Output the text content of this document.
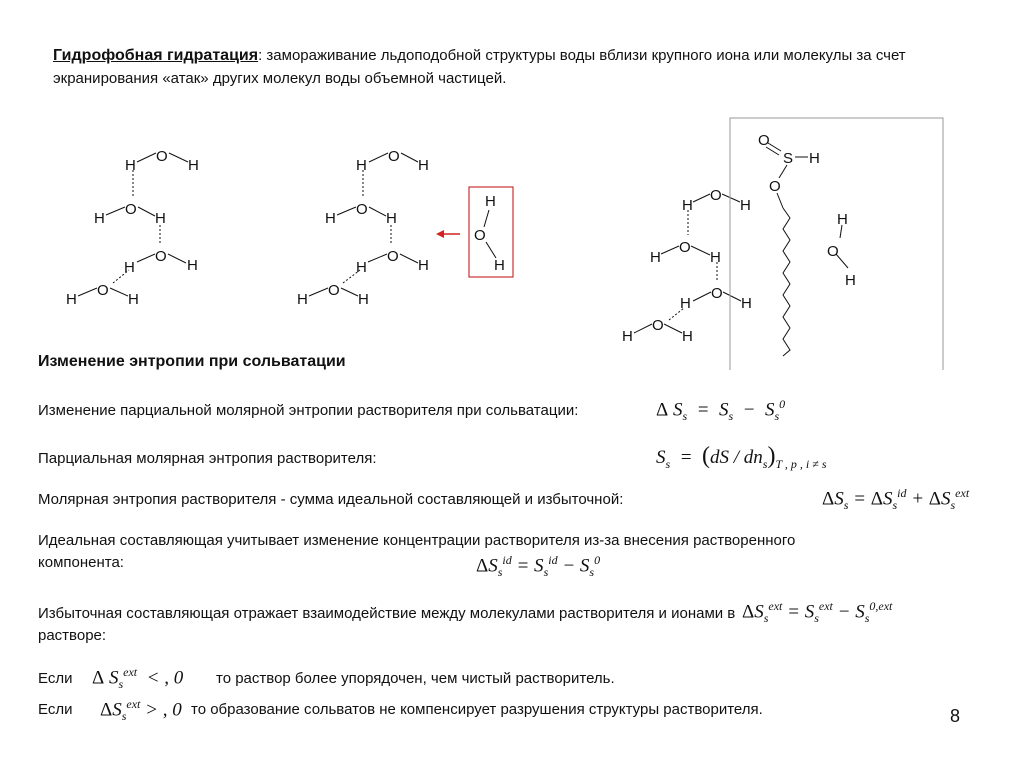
Гидрофобная гидратация: замораживание льдоподобной структуры воды вблизи крупного иона или молекулы за счет экранирования «атак» других молекул воды объемной частицей.
H
O
H
H
O
H
O
H	H
H
O
H
H
O
H
H
O
H
O
H	H
H
O
H
H
O
H
H
O
H
H
O
H
O
H	H
H
O
H
H
O
H
O
S H
O
Изменение энтропии при сольватации
Изменение парциальной молярной энтропии растворителя при сольватации:	Δ $S_s = S_s - S_s^0$
Парциальная молярная энтропия растворителя:	$S_s = (dS / dn_s)_{T , p , i \ne s}$
Молярная энтропия растворителя - сумма идеальной составляющей и избыточной:	$\Delta S_s = \Delta S_s^{id} + \Delta S_s^{ext}$
Идеальная составляющая учитывает изменение концентрации растворителя из-за внесения растворенного компонента:	$\Delta S_s^{id} = S_s^{id} - S_s^0$
Избыточная составляющая отражает взаимодействие между молекулами растворителя и ионами в растворе:
$\Delta S_s^{ext} = S_s^{ext} - S_s^{0,ext}$
Если Δ $S_s^{ext}$  < , 0 то раствор более упорядочен, чем чистый растворитель.
Если $\Delta S_s^{ext}$ > , 0 то образование сольватов не компенсирует разрушения структуры растворителя.	8
